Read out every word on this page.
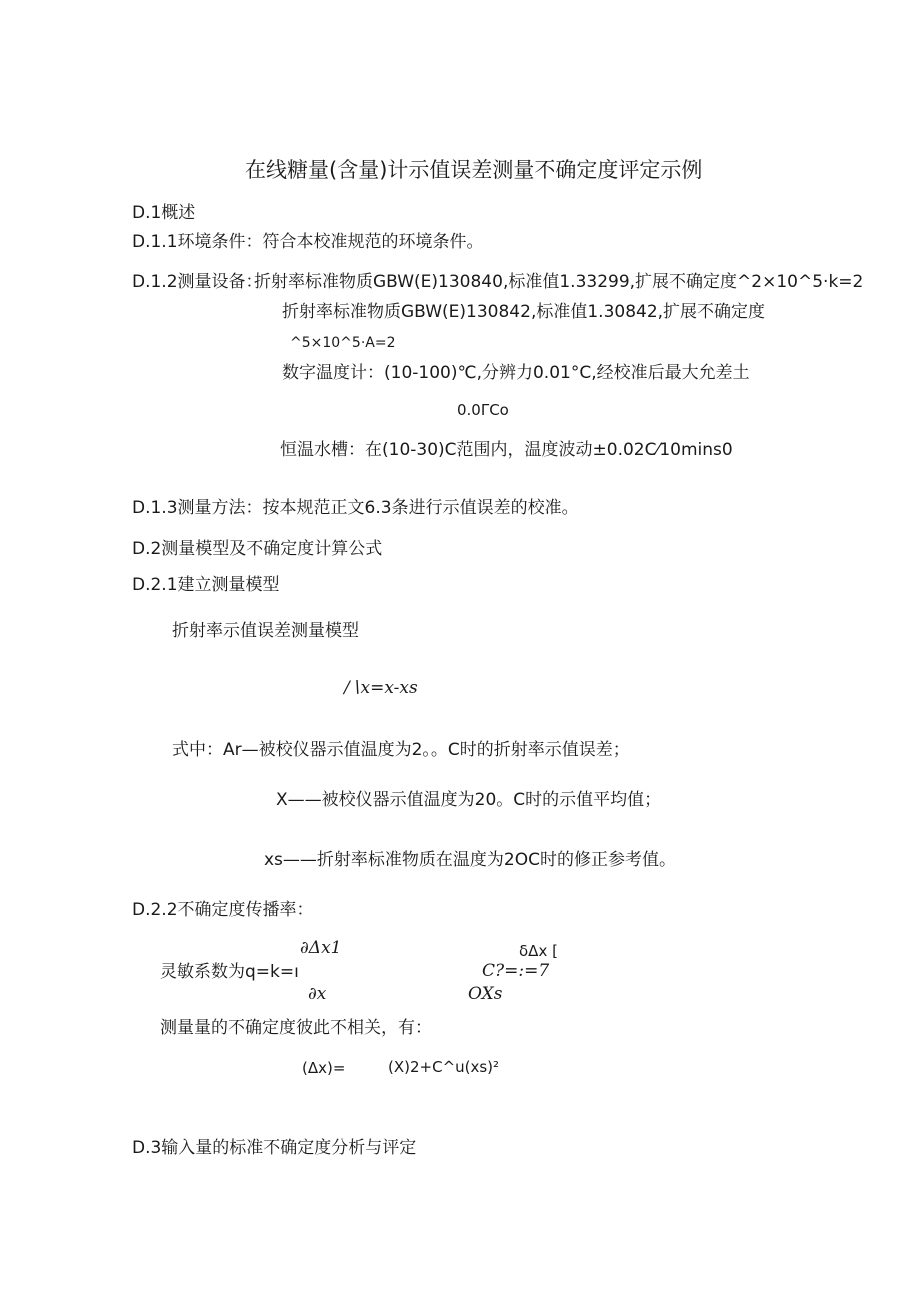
在线糖量(含量)计示值误差测量不确定度评定示例
D.1概述
D.1.1环境条件：符合本校准规范的环境条件。
D.1.2测量设备：
折射率标准物质GBW(E)130840,标准值1.33299,扩展不确定度^2×10^5·k=2
折射率标准物质GBW(E)130842,标准值1.30842,扩展不确定度
^5×10^5·A=2
数字温度计：(10-100)℃,分辨力0.01°C,经校准后最大允差土
0.0ΓCo
恒温水槽：在(10-30)C范围内，温度波动±0.02C⁄10mins0
D.1.3测量方法：按本规范正文6.3条进行示值误差的校准。
D.2测量模型及不确定度计算公式
D.2.1建立测量模型
折射率示值误差测量模型
/∖x=x-xs
式中：Ar—被校仪器示值温度为2。。C时的折射率示值误差；
X——被校仪器示值温度为20。C时的示值平均值；
xs——折射率标准物质在温度为2OC时的修正参考值。
D.2.2不确定度传播率：
∂Δx1	δΔx [
灵敏系数为q=k=ı	C?=:=7
∂x	OXs
测量量的不确定度彼此不相关，有：
(Δx)=	(X)2+C^u(xs)²
D.3输入量的标准不确定度分析与评定
